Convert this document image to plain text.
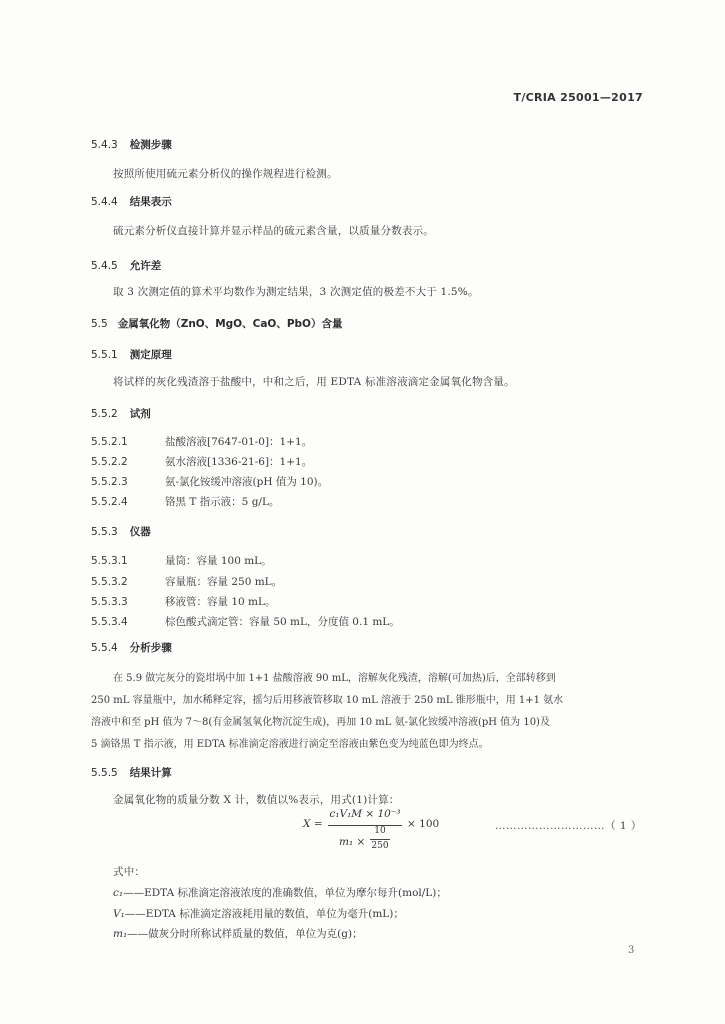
T/CRIA 25001—2017
5.4.3 检测步骤
按照所使用硫元素分析仪的操作规程进行检测。
5.4.4 结果表示
硫元素分析仪直接计算并显示样品的硫元素含量，以质量分数表示。
5.4.5 允许差
取 3 次测定值的算术平均数作为测定结果，3 次测定值的极差不大于 1.5%。
5.5 金属氧化物（ZnO、MgO、CaO、PbO）含量
5.5.1 测定原理
将试样的灰化残渣溶于盐酸中，中和之后，用 EDTA 标准溶液滴定金属氧化物含量。
5.5.2 试剂
5.5.2.1	盐酸溶液[7647-01-0]：1+1。
5.5.2.2	氨水溶液[1336-21-6]：1+1。
5.5.2.3	氨-氯化铵缓冲溶液(pH 值为 10)。
5.5.2.4	铬黑 T 指示液：5 g/L。
5.5.3 仪器
5.5.3.1	量筒：容量 100 mL。
5.5.3.2	容量瓶：容量 250 mL。
5.5.3.3	移液管：容量 10 mL。
5.5.3.4	棕色酸式滴定管：容量 50 mL，分度值 0.1 mL。
5.5.4 分析步骤
在 5.9 做完灰分的瓷坩埚中加 1+1 盐酸溶液 90 mL，溶解灰化残渣，溶解(可加热)后，全部转移到
250 mL 容量瓶中，加水稀释定容，摇匀后用移液管移取 10 mL 溶液于 250 mL 锥形瓶中，用 1+1 氨水
溶液中和至 pH 值为 7～8(有金属氢氧化物沉淀生成)，再加 10 mL 氨-氯化铵缓冲溶液(pH 值为 10)及
5 滴铬黑 T 指示液，用 EDTA 标准滴定溶液进行滴定至溶液由紫色变为纯蓝色即为终点。
5.5.5 结果计算
金属氧化物的质量分数 X 计，数值以%表示，用式(1)计算：
X =
c₁V₁M × 10⁻³
m₁ ×
10
250
× 100	…………………………（ 1 ）
式中：
c₁——EDTA 标准滴定溶液浓度的准确数值，单位为摩尔每升(mol/L)；
V₁——EDTA 标准滴定溶液耗用量的数值，单位为毫升(mL)；
m₁——做灰分时所称试样质量的数值，单位为克(g)；
3
